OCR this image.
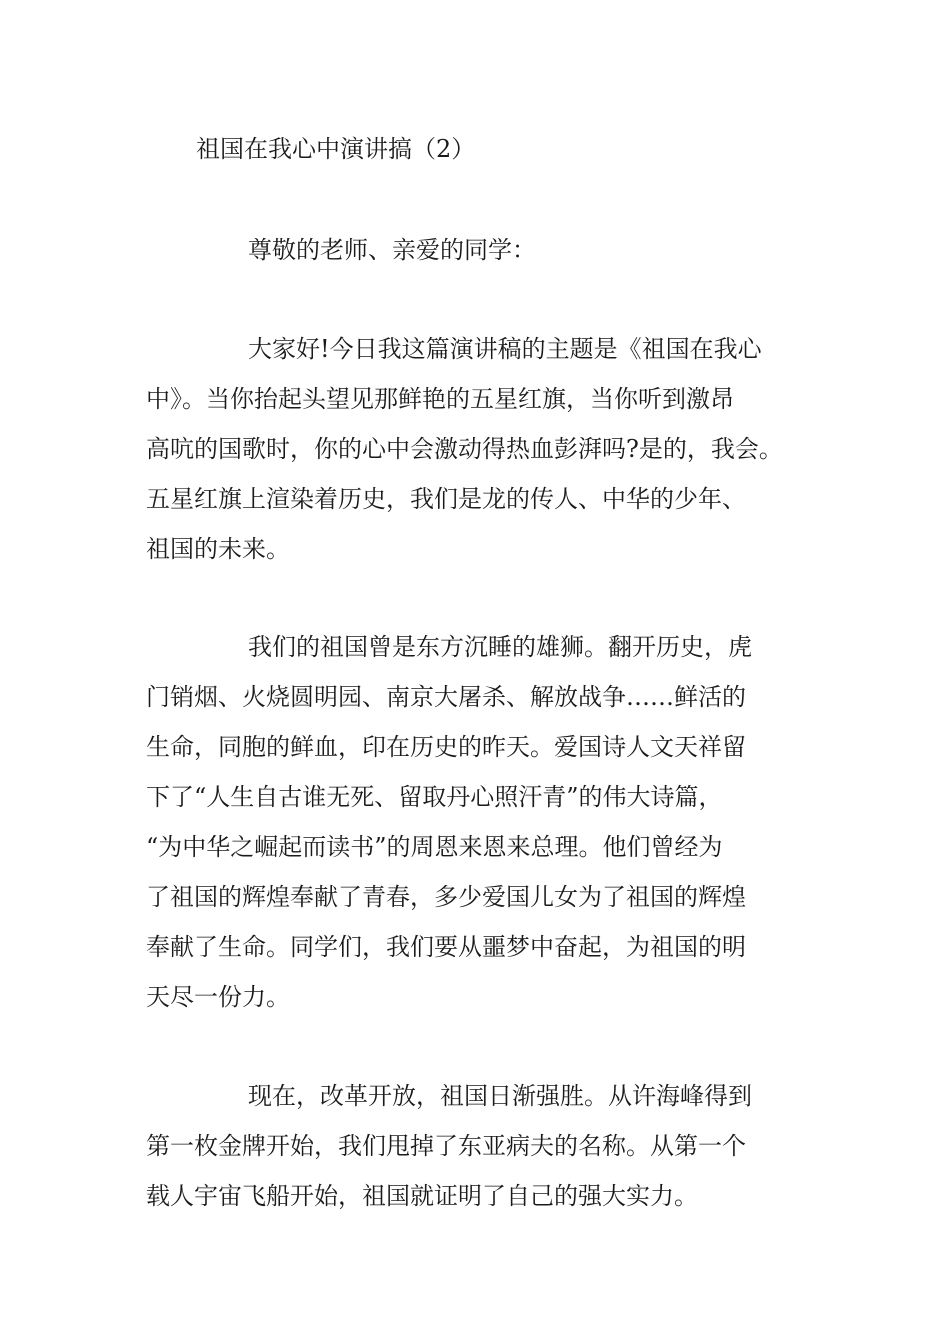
祖国在我心中演讲搞（2）

尊敬的老师、亲爱的同学：

大家好!今日我这篇演讲稿的主题是《祖国在我心
中》。当你抬起头望见那鲜艳的五星红旗，当你听到激昂
高吭的国歌时，你的心中会激动得热血彭湃吗?是的，我会。
五星红旗上渲染着历史，我们是龙的传人、中华的少年、
祖国的未来。
我们的祖国曾是东方沉睡的雄狮。翻开历史，虎
门销烟、火烧圆明园、南京大屠杀、解放战争……鲜活的
生命，同胞的鲜血，印在历史的昨天。爱国诗人文天祥留
下了“人生自古谁无死、留取丹心照汗青”的伟大诗篇，
“为中华之崛起而读书”的周恩来恩来总理。他们曾经为
了祖国的辉煌奉献了青春，多少爱国儿女为了祖国的辉煌
奉献了生命。同学们，我们要从噩梦中奋起，为祖国的明
天尽一份力。
现在，改革开放，祖国日渐强胜。从许海峰得到
第一枚金牌开始，我们甩掉了东亚病夫的名称。从第一个
载人宇宙飞船开始，祖国就证明了自己的强大实力。
